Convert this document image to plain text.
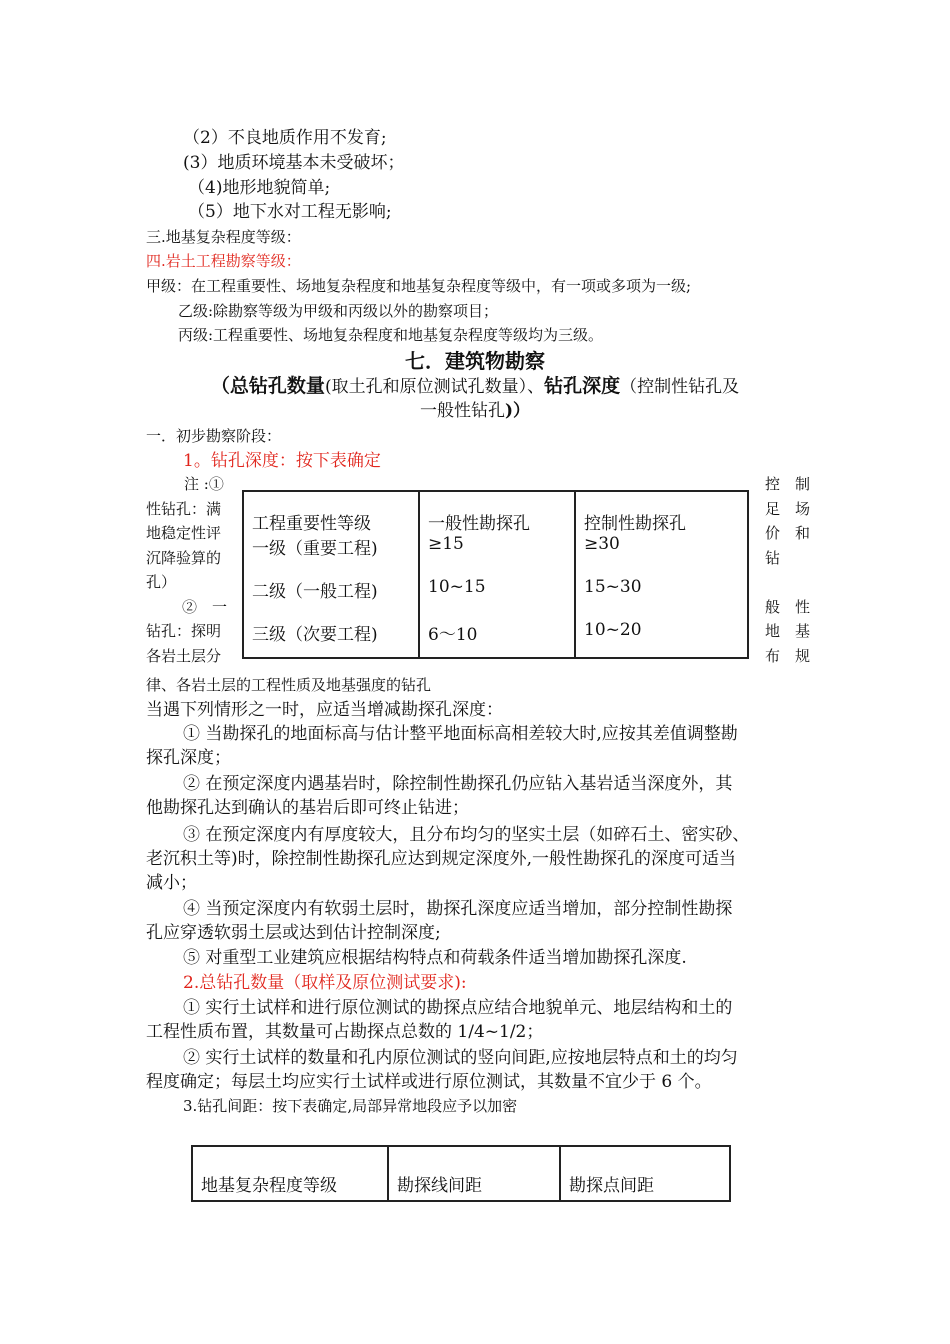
（2）不良地质作用不发育;
(3）地质环境基本未受破坏；
（4)地形地貌简单;
（5）地下水对工程无影响;
三.地基复杂程度等级：
四.岩土工程勘察等级：
甲级：在工程重要性、场地复杂程度和地基复杂程度等级中，有一项或多项为一级;
乙级:除勘察等级为甲级和丙级以外的勘察项目；
丙级:工程重要性、场地复杂程度和地基复杂程度等级均为三级。
七．建筑物勘察
（总钻孔数量(取土孔和原位测试孔数量）、钻孔深度（控制性钻孔及
一般性钻孔)）
一．初步勘察阶段：
1。钻孔深度：按下表确定
注 :①
性钻孔：满
地稳定性评
沉降验算的
孔）
②　一
钻孔：探明
各岩土层分
控　制
足　场
价　和
钻
般　性
地　基
布　规
工程重要性等级	一般性勘探孔	控制性勘探孔
一级（重要工程)	≥15	≥30
二级（一般工程)	10~15	15~30
三级（次要工程)	6～10	10~20
律、各岩土层的工程性质及地基强度的钻孔
当遇下列情形之一时，应适当增减勘探孔深度：
① 当勘探孔的地面标高与估计整平地面标高相差较大时,应按其差值调整勘
探孔深度；
② 在预定深度内遇基岩时，除控制性勘探孔仍应钻入基岩适当深度外，其
他勘探孔达到确认的基岩后即可终止钻进；
③ 在预定深度内有厚度较大，且分布均匀的坚实土层（如碎石土、密实砂、
老沉积土等)时，除控制性勘探孔应达到规定深度外,一般性勘探孔的深度可适当
减小；
④ 当预定深度内有软弱土层时，勘探孔深度应适当增加，部分控制性勘探
孔应穿透软弱土层或达到估计控制深度;
⑤ 对重型工业建筑应根据结构特点和荷载条件适当增加勘探孔深度.
2.总钻孔数量（取样及原位测试要求):
① 实行土试样和进行原位测试的勘探点应结合地貌单元、地层结构和土的
工程性质布置，其数量可占勘探点总数的 1/4~1/2；
② 实行土试样的数量和孔内原位测试的竖向间距,应按地层特点和土的均匀
程度确定；每层土均应实行土试样或进行原位测试，其数量不宜少于 6 个。
3.钻孔间距：按下表确定,局部异常地段应予以加密
地基复杂程度等级	勘探线间距	勘探点间距
